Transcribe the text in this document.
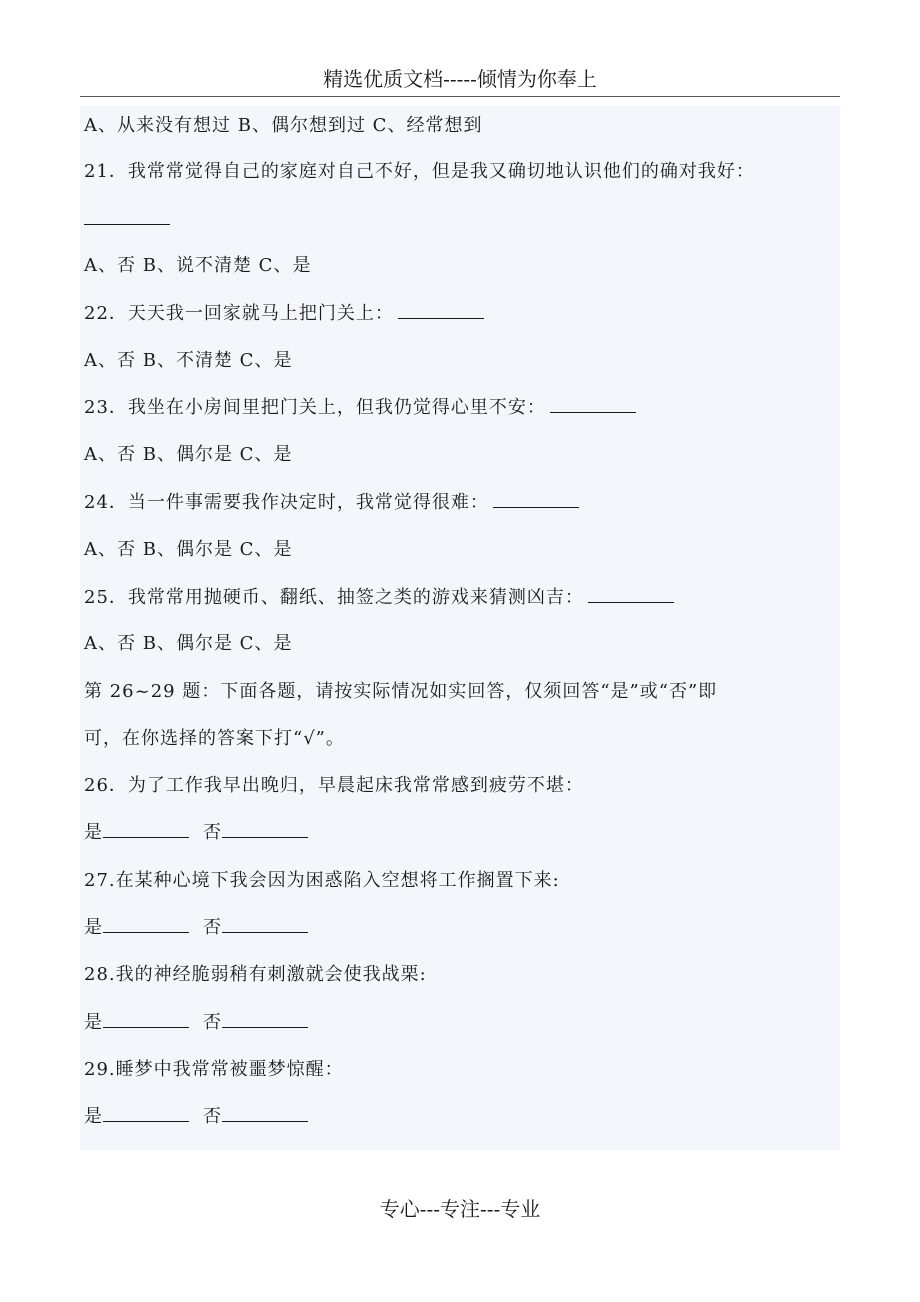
精选优质文档-----倾情为你奉上
A、从来没有想过 B、偶尔想到过 C、经常想到
21．我常常觉得自己的家庭对自己不好，但是我又确切地认识他们的确对我好：
A、否 B、说不清楚 C、是
22．天天我一回家就马上把门关上：
A、否 B、不清楚 C、是
23．我坐在小房间里把门关上，但我仍觉得心里不安：
A、否 B、偶尔是 C、是
24．当一件事需要我作决定时，我常觉得很难：
A、否 B、偶尔是 C、是
25．我常常用抛硬币、翻纸、抽签之类的游戏来猜测凶吉：
A、否 B、偶尔是 C、是
第 26~29 题：下面各题，请按实际情况如实回答，仅须回答“是”或“否”即
可，在你选择的答案下打“√”。
26．为了工作我早出晚归，早晨起床我常常感到疲劳不堪：
是	否
27.在某种心境下我会因为困惑陷入空想将工作搁置下来:
是	否
28.我的神经脆弱稍有刺激就会使我战栗:
是	否
29.睡梦中我常常被噩梦惊醒：
是	否
专心---专注---专业
